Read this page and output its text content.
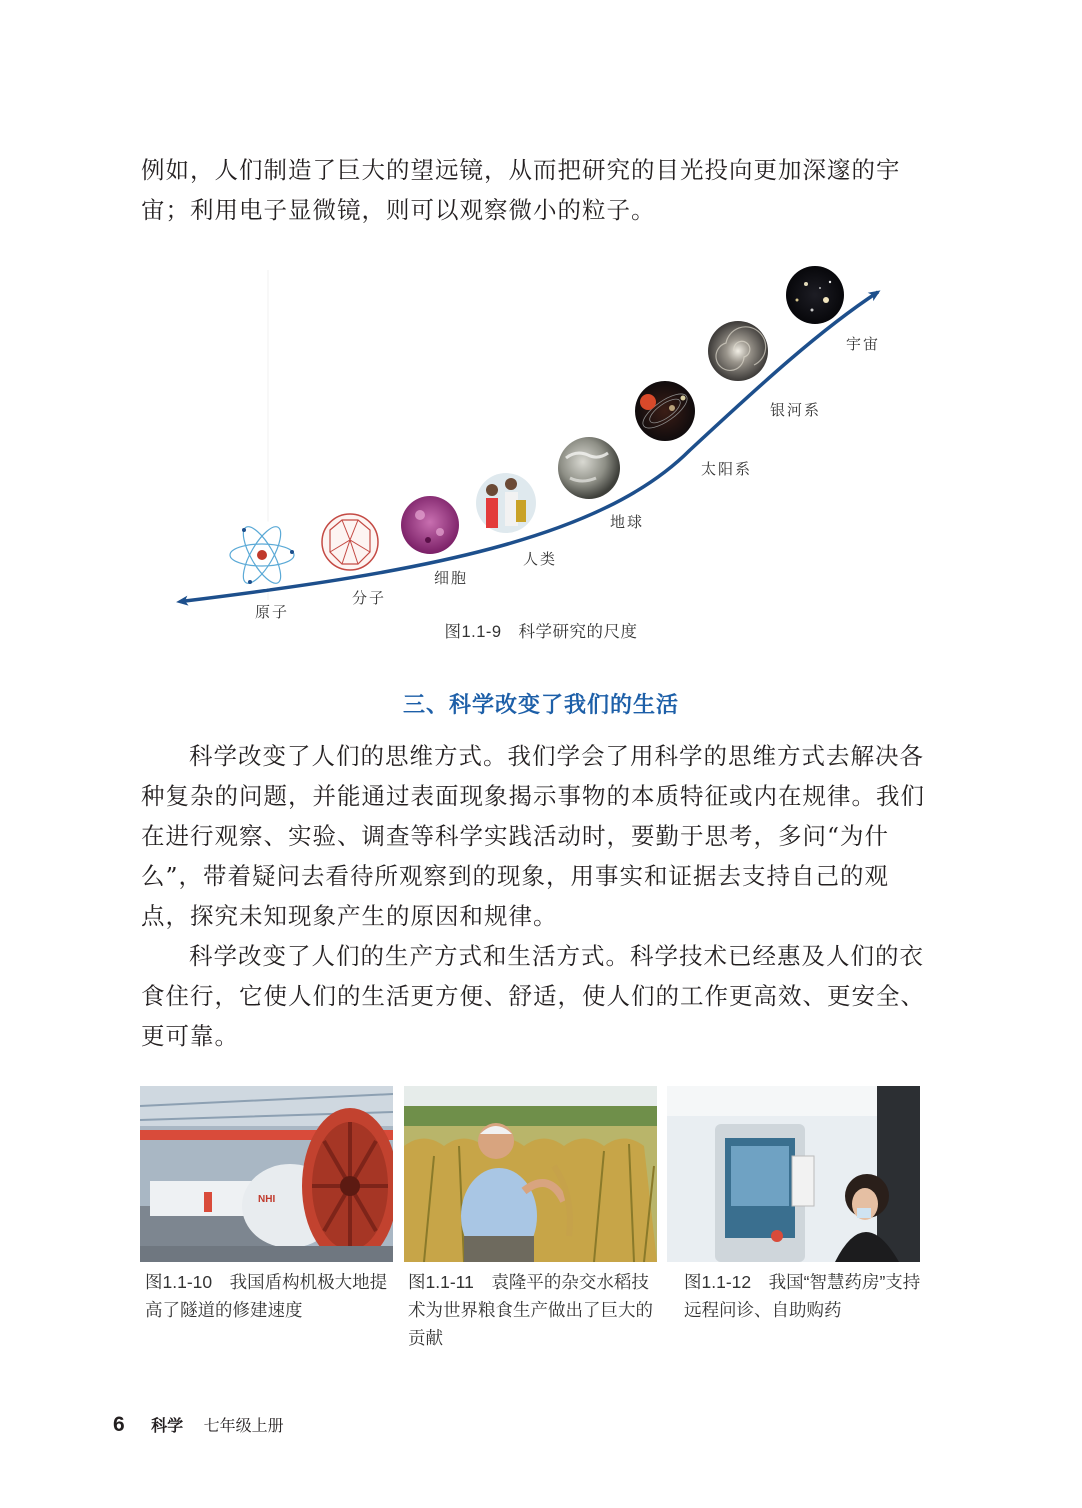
例如，人们制造了巨大的望远镜，从而把研究的目光投向更加深邃的宇宙；利用电子显微镜，则可以观察微小的粒子。

原子
分子
细胞
人类
地球
太阳系
银河系
宇宙
图1.1-9　科学研究的尺度
三、科学改变了我们的生活

科学改变了人们的思维方式。我们学会了用科学的思维方式去解决各种复杂的问题，并能通过表面现象揭示事物的本质特征或内在规律。我们在进行观察、实验、调查等科学实践活动时，要勤于思考，多问“为什么”，带着疑问去看待所观察到的现象，用事实和证据去支持自己的观点，探究未知现象产生的原因和规律。

科学改变了人们的生产方式和生活方式。科学技术已经惠及人们的衣食住行，它使人们的生活更方便、舒适，使人们的工作更高效、更安全、更可靠。

NHI
图1.1-10　我国盾构机极大地提高了隧道的修建速度
图1.1-11　袁隆平的杂交水稻技术为世界粮食生产做出了巨大的贡献
图1.1-12　我国“智慧药房”支持远程问诊、自助购药
6 科学 七年级上册
